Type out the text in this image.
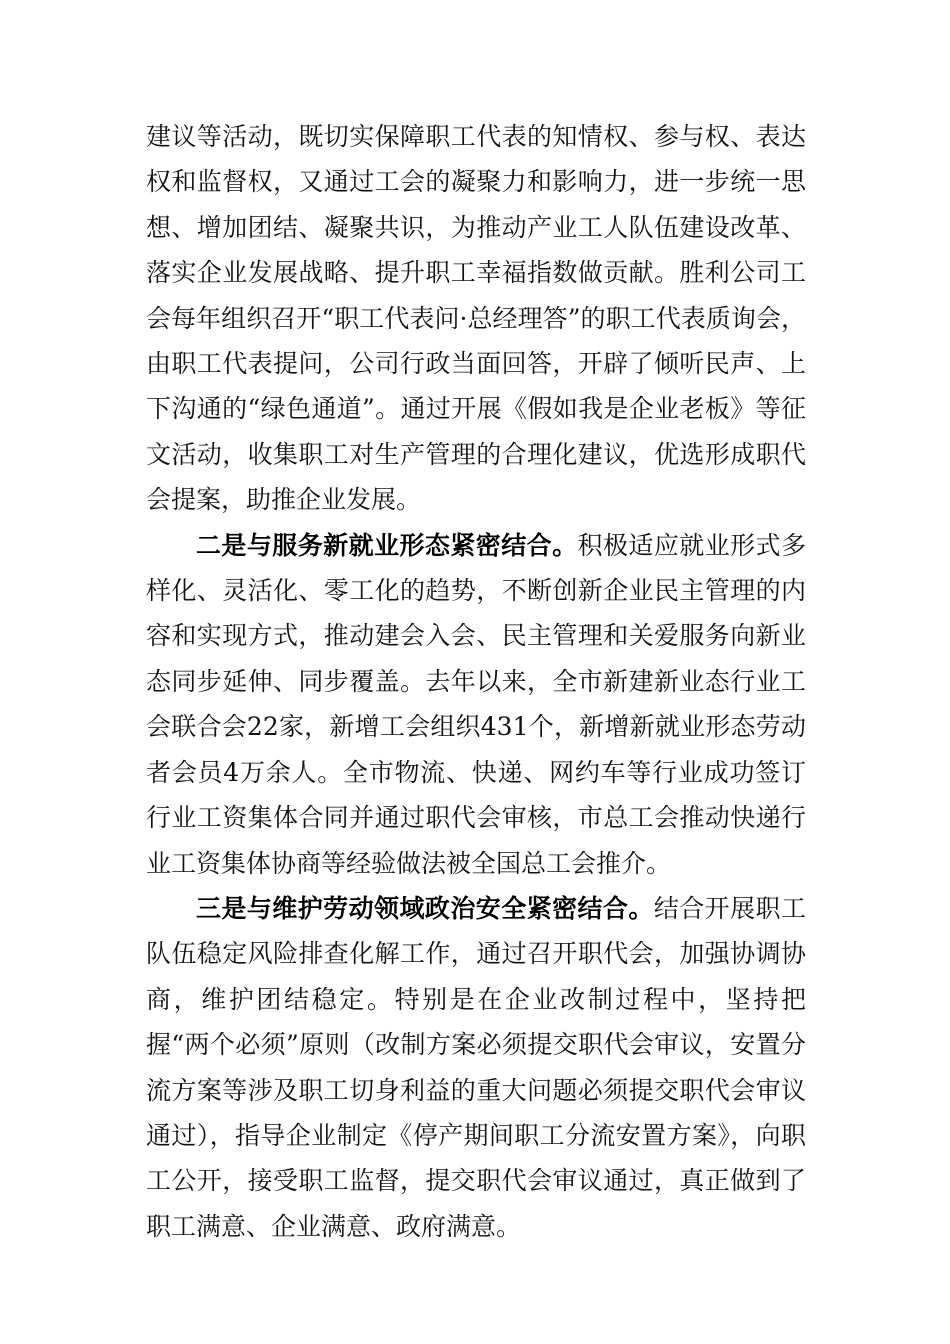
建议等活动，既切实保障职工代表的知情权、参与权、表达权和监督权，又通过工会的凝聚力和影响力，进一步统一思想、增加团结、凝聚共识，为推动产业工人队伍建设改革、落实企业发展战略、提升职工幸福指数做贡献。胜利公司工会每年组织召开“职工代表问·总经理答”的职工代表质询会，由职工代表提问，公司行政当面回答，开辟了倾听民声、上下沟通的“绿色通道”。通过开展《假如我是企业老板》等征文活动，收集职工对生产管理的合理化建议，优选形成职代会提案，助推企业发展。

二是与服务新就业形态紧密结合。积极适应就业形式多样化、灵活化、零工化的趋势，不断创新企业民主管理的内容和实现方式，推动建会入会、民主管理和关爱服务向新业态同步延伸、同步覆盖。去年以来，全市新建新业态行业工会联合会22家，新增工会组织431个，新增新就业形态劳动者会员4万余人。全市物流、快递、网约车等行业成功签订行业工资集体合同并通过职代会审核，市总工会推动快递行业工资集体协商等经验做法被全国总工会推介。

三是与维护劳动领域政治安全紧密结合。结合开展职工队伍稳定风险排查化解工作，通过召开职代会，加强协调协商，维护团结稳定。特别是在企业改制过程中，坚持把握“两个必须”原则（改制方案必须提交职代会审议，安置分流方案等涉及职工切身利益的重大问题必须提交职代会审议通过），指导企业制定《停产期间职工分流安置方案》，向职工公开，接受职工监督，提交职代会审议通过，真正做到了职工满意、企业满意、政府满意。
